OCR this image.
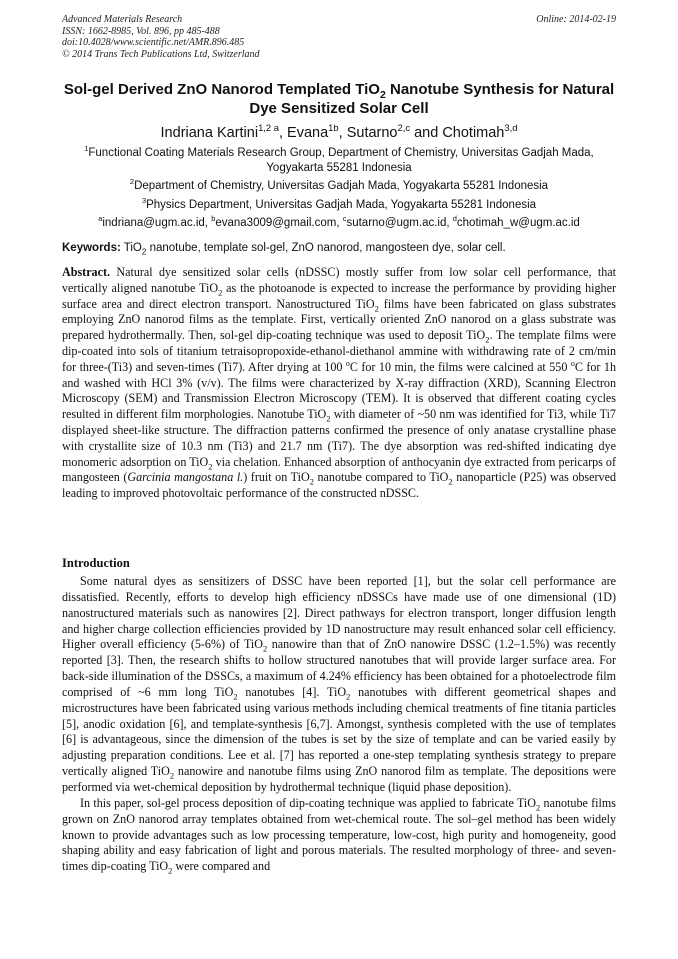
Advanced Materials Research
ISSN: 1662-8985, Vol. 896, pp 485-488
doi:10.4028/www.scientific.net/AMR.896.485
© 2014 Trans Tech Publications Ltd, Switzerland
Online: 2014-02-19
Sol-gel Derived ZnO Nanorod Templated TiO$_2$ Nanotube Synthesis for Natural Dye Sensitized Solar Cell
Indriana Kartini$^{1,2 a}$, Evana$^{1b}$, Sutarno$^{2,c}$ and Chotimah$^{3,d}$

$^1$Functional Coating Materials Research Group, Department of Chemistry, Universitas Gadjah Mada, Yogyakarta 55281 Indonesia

$^2$Department of Chemistry, Universitas Gadjah Mada, Yogyakarta 55281 Indonesia

$^3$Physics Department, Universitas Gadjah Mada, Yogyakarta 55281 Indonesia

$^a$indriana@ugm.ac.id, $^b$evana3009@gmail.com, $^c$sutarno@ugm.ac.id, $^d$chotimah_w@ugm.ac.id

Keywords: TiO$_2$ nanotube, template sol-gel, ZnO nanorod, mangosteen dye, solar cell.

Abstract. Natural dye sensitized solar cells (nDSSC) mostly suffer from low solar cell performance, that vertically aligned nanotube TiO$_2$ as the photoanode is expected to increase the performance by providing higher surface area and direct electron transport. Nanostructured TiO$_2$ films have been fabricated on glass substrates employing ZnO nanorod films as the template. First, vertically oriented ZnO nanorod on a glass substrate was prepared hydrothermally. Then, sol-gel dip-coating technique was used to deposit TiO$_2$. The template films were dip-coated into sols of titanium tetraisopropoxide-ethanol-diethanol ammine with withdrawing rate of 2 cm/min for three-(Ti3) and seven-times (Ti7). After drying at 100 $^o$C for 10 min, the films were calcined at 550 $^o$C for 1h and washed with HCl 3% (v/v). The films were characterized by X-ray diffraction (XRD), Scanning Electron Microscopy (SEM) and Transmission Electron Microscopy (TEM). It is observed that different coating cycles resulted in different film morphologies. Nanotube TiO$_2$ with diameter of ~50 nm was identified for Ti3, while Ti7 displayed sheet-like structure. The diffraction patterns confirmed the presence of only anatase crystalline phase with crystallite size of 10.3 nm (Ti3) and 21.7 nm (Ti7). The dye absorption was red-shifted indicating dye monomeric adsorption on TiO$_2$ via chelation. Enhanced absorption of anthocyanin dye extracted from pericarps of mangosteen (Garcinia mangostana l.) fruit on TiO$_2$ nanotube compared to TiO$_2$ nanoparticle (P25) was observed leading to improved photovoltaic performance of the constructed nDSSC.

Introduction

Some natural dyes as sensitizers of DSSC have been reported [1], but the solar cell performance are dissatisfied. Recently, efforts to develop high efficiency nDSSCs have made use of one dimensional (1D) nanostructured materials such as nanowires [2]. Direct pathways for electron transport, longer diffusion length and higher charge collection efficiencies provided by 1D nanostructure may result enhanced solar cell efficiency. Higher overall efficiency (5-6%) of TiO$_2$ nanowire than that of ZnO nanowire DSSC (1.2–1.5%) was recently reported [3]. Then, the research shifts to hollow structured nanotubes that will provide larger surface area. For back-side illumination of the DSSCs, a maximum of 4.24% efficiency has been obtained for a photoelectrode film comprised of ~6 mm long TiO$_2$ nanotubes [4]. TiO$_2$ nanotubes with different geometrical shapes and microstructures have been fabricated using various methods including chemical treatments of fine titania particles [5], anodic oxidation [6], and template-synthesis [6,7]. Amongst, synthesis completed with the use of templates [6] is advantageous, since the dimension of the tubes is set by the size of template and can be varied easily by adjusting preparation conditions. Lee et al. [7] has reported a one-step templating synthesis strategy to prepare vertically aligned TiO$_2$ nanowire and nanotube films using ZnO nanorod film as template. The depositions were performed via wet-chemical deposition by hydrothermal technique (liquid phase deposition).

In this paper, sol-gel process deposition of dip-coating technique was applied to fabricate TiO$_2$ nanotube films grown on ZnO nanorod array templates obtained from wet-chemical route. The sol–gel method has been widely known to provide advantages such as low processing temperature, low-cost, high purity and homogeneity, good shaping ability and easy fabrication of light and porous materials. The resulted morphology of three- and seven-times dip-coating TiO$_2$ were compared and
